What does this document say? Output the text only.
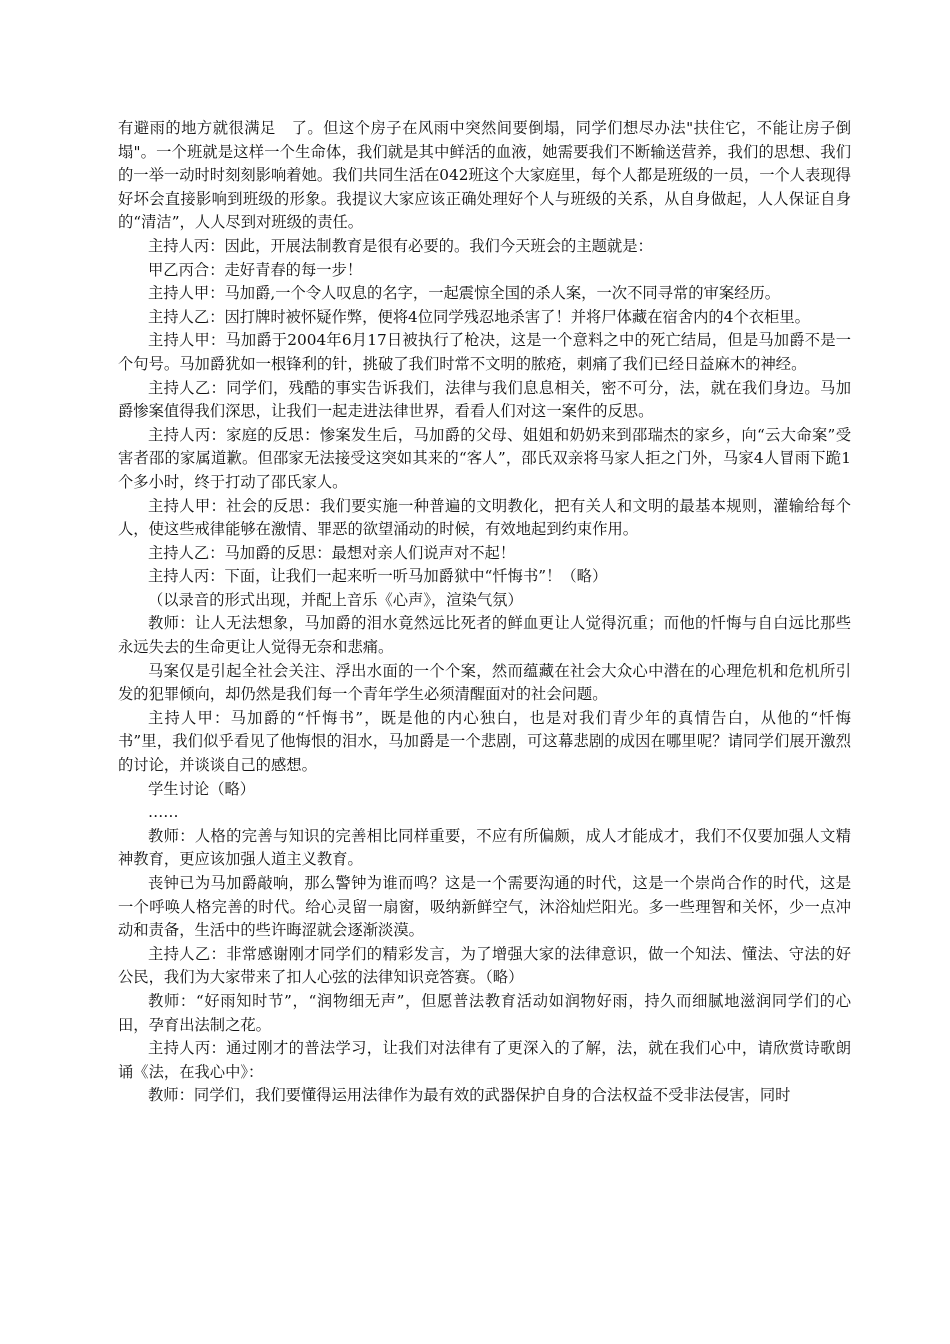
有避雨的地方就很满足　了。但这个房子在风雨中突然间要倒塌，同学们想尽办法"扶住它，不能让房子倒塌"。一个班就是这样一个生命体，我们就是其中鲜活的血液，她需要我们不断输送营养，我们的思想、我们的一举一动时时刻刻影响着她。我们共同生活在042班这个大家庭里，每个人都是班级的一员，一个人表现得好坏会直接影响到班级的形象。我提议大家应该正确处理好个人与班级的关系，从自身做起，人人保证自身的“清洁”，人人尽到对班级的责任。

主持人丙：因此，开展法制教育是很有必要的。我们今天班会的主题就是：

甲乙丙合：走好青春的每一步！

主持人甲：马加爵,一个令人叹息的名字，一起震惊全国的杀人案，一次不同寻常的审案经历。

主持人乙：因打牌时被怀疑作弊，便将4位同学残忍地杀害了！并将尸体藏在宿舍内的4个衣柜里。

主持人甲：马加爵于2004年6月17日被执行了枪决，这是一个意料之中的死亡结局，但是马加爵不是一个句号。马加爵犹如一根锋利的针，挑破了我们时常不文明的脓疮，刺痛了我们已经日益麻木的神经。

主持人乙：同学们，残酷的事实告诉我们，法律与我们息息相关，密不可分，法，就在我们身边。马加爵惨案值得我们深思，让我们一起走进法律世界，看看人们对这一案件的反思。

主持人丙：家庭的反思：惨案发生后，马加爵的父母、姐姐和奶奶来到邵瑞杰的家乡，向“云大命案”受害者邵的家属道歉。但邵家无法接受这突如其来的“客人”，邵氏双亲将马家人拒之门外，马家4人冒雨下跪1个多小时，终于打动了邵氏家人。

主持人甲：社会的反思：我们要实施一种普遍的文明教化，把有关人和文明的最基本规则，灌输给每个人，使这些戒律能够在激情、罪恶的欲望涌动的时候，有效地起到约束作用。

主持人乙：马加爵的反思：最想对亲人们说声对不起！

主持人丙：下面，让我们一起来听一听马加爵狱中“忏悔书”！（略）

（以录音的形式出现，并配上音乐《心声》，渲染气氛）

教师：让人无法想象，马加爵的泪水竟然远比死者的鲜血更让人觉得沉重；而他的忏悔与自白远比那些永远失去的生命更让人觉得无奈和悲痛。

马案仅是引起全社会关注、浮出水面的一个个案，然而蕴藏在社会大众心中潜在的心理危机和危机所引发的犯罪倾向，却仍然是我们每一个青年学生必须清醒面对的社会问题。

主持人甲：马加爵的“忏悔书”，既是他的内心独白，也是对我们青少年的真情告白，从他的“忏悔书”里，我们似乎看见了他悔恨的泪水，马加爵是一个悲剧，可这幕悲剧的成因在哪里呢？请同学们展开激烈的讨论，并谈谈自己的感想。

学生讨论（略）

……

教师：人格的完善与知识的完善相比同样重要，不应有所偏颇，成人才能成才，我们不仅要加强人文精神教育，更应该加强人道主义教育。

丧钟已为马加爵敲响，那么警钟为谁而鸣？这是一个需要沟通的时代，这是一个崇尚合作的时代，这是一个呼唤人格完善的时代。给心灵留一扇窗，吸纳新鲜空气，沐浴灿烂阳光。多一些理智和关怀，少一点冲动和责备，生活中的些许晦涩就会逐渐淡漠。

主持人乙：非常感谢刚才同学们的精彩发言，为了增强大家的法律意识，做一个知法、懂法、守法的好公民，我们为大家带来了扣人心弦的法律知识竞答赛。（略）

教师：“好雨知时节”，“润物细无声”，但愿普法教育活动如润物好雨，持久而细腻地滋润同学们的心田，孕育出法制之花。

主持人丙：通过刚才的普法学习，让我们对法律有了更深入的了解，法，就在我们心中，请欣赏诗歌朗诵《法，在我心中》：

教师：同学们，我们要懂得运用法律作为最有效的武器保护自身的合法权益不受非法侵害，同时
